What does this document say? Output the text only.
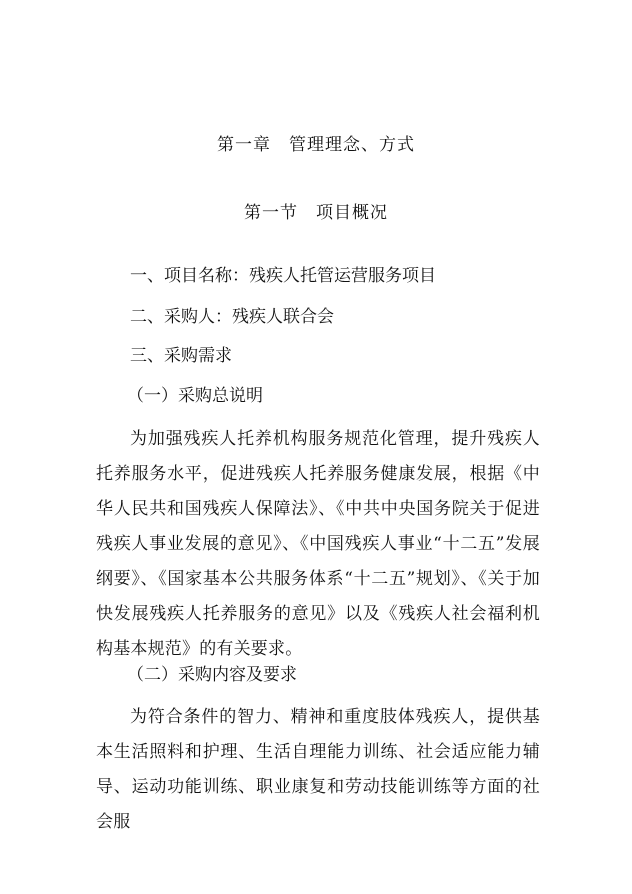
第一章 管理理念、方式
第一节 项目概况
一、项目名称：残疾人托管运营服务项目
二、采购人：残疾人联合会
三、采购需求
（一）采购总说明
为加强残疾人托养机构服务规范化管理，提升残疾人托养服务水平，促进残疾人托养服务健康发展，根据《中华人民共和国残疾人保障法》、《中共中央国务院关于促进残疾人事业发展的意见》、《中国残疾人事业“十二五”发展纲要》、《国家基本公共服务体系“十二五”规划》、《关于加快发展残疾人托养服务的意见》以及《残疾人社会福利机构基本规范》的有关要求。
（二）采购内容及要求
为符合条件的智力、精神和重度肢体残疾人，提供基本生活照料和护理、生活自理能力训练、社会适应能力辅导、运动功能训练、职业康复和劳动技能训练等方面的社会服
